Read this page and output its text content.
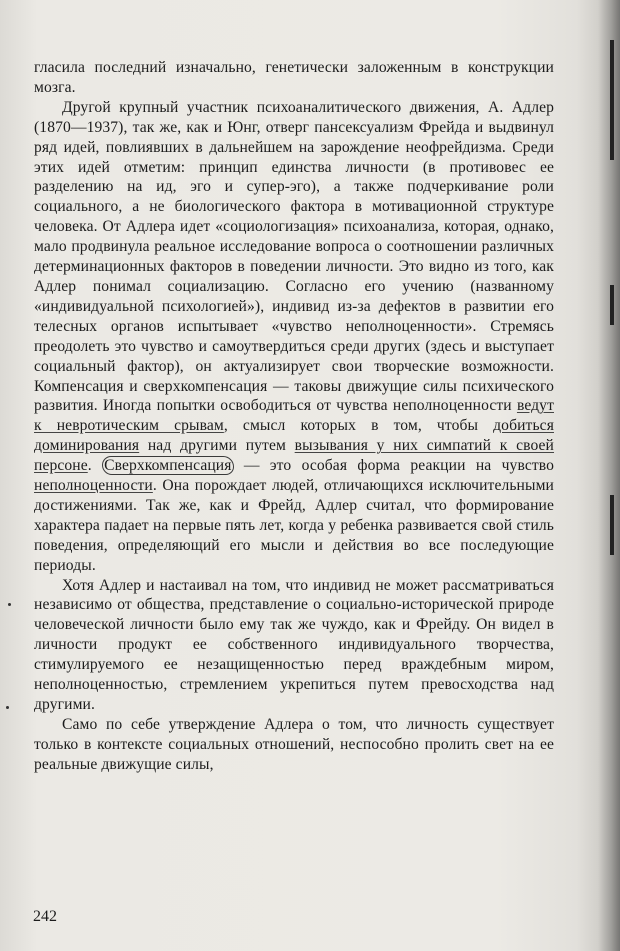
гласила последний изначально, генетически заложенным в конструкции мозга.

Другой крупный участник психоаналитического движения, А. Адлер (1870—1937), так же, как и Юнг, отверг пансексуализм Фрейда и выдвинул ряд идей, повлиявших в дальнейшем на зарождение неофрейдизма. Среди этих идей отметим: принцип единства личности (в противовес ее разделению на ид, эго и супер-эго), а также подчеркивание роли социального, а не биологического фактора в мотивационной структуре человека. От Адлера идет «социологизация» психоанализа, которая, однако, мало продвинула реальное исследование вопроса о соотношении различных детерминационных факторов в поведении личности. Это видно из того, как Адлер понимал социализацию. Согласно его учению (названному «индивидуальной психологией»), индивид из-за дефектов в развитии его телесных органов испытывает «чувство неполноценности». Стремясь преодолеть это чувство и самоутвердиться среди других (здесь и выступает социальный фактор), он актуализирует свои творческие возможности. Компенсация и сверхкомпенсация — таковы движущие силы психического развития. Иногда попытки освободиться от чувства неполноценности ведут к невротическим срывам, смысл которых в том, чтобы добиться доминирования над другими путем вызывания у них симпатий к своей персоне. Сверхкомпенсация — это особая форма реакции на чувство неполноценности. Она порождает людей, отличающихся исключительными достижениями. Так же, как и Фрейд, Адлер считал, что формирование характера падает на первые пять лет, когда у ребенка развивается свой стиль поведения, определяющий его мысли и действия во все последующие периоды.

Хотя Адлер и настаивал на том, что индивид не может рассматриваться независимо от общества, представление о социально-исторической природе человеческой личности было ему так же чуждо, как и Фрейду. Он видел в личности продукт ее собственного индивидуального творчества, стимулируемого ее незащищенностью перед враждебным миром, неполноценностью, стремлением укрепиться путем превосходства над другими.

Само по себе утверждение Адлера о том, что личность существует только в контексте социальных отношений, неспособно пролить свет на ее реальные движущие силы,

242
